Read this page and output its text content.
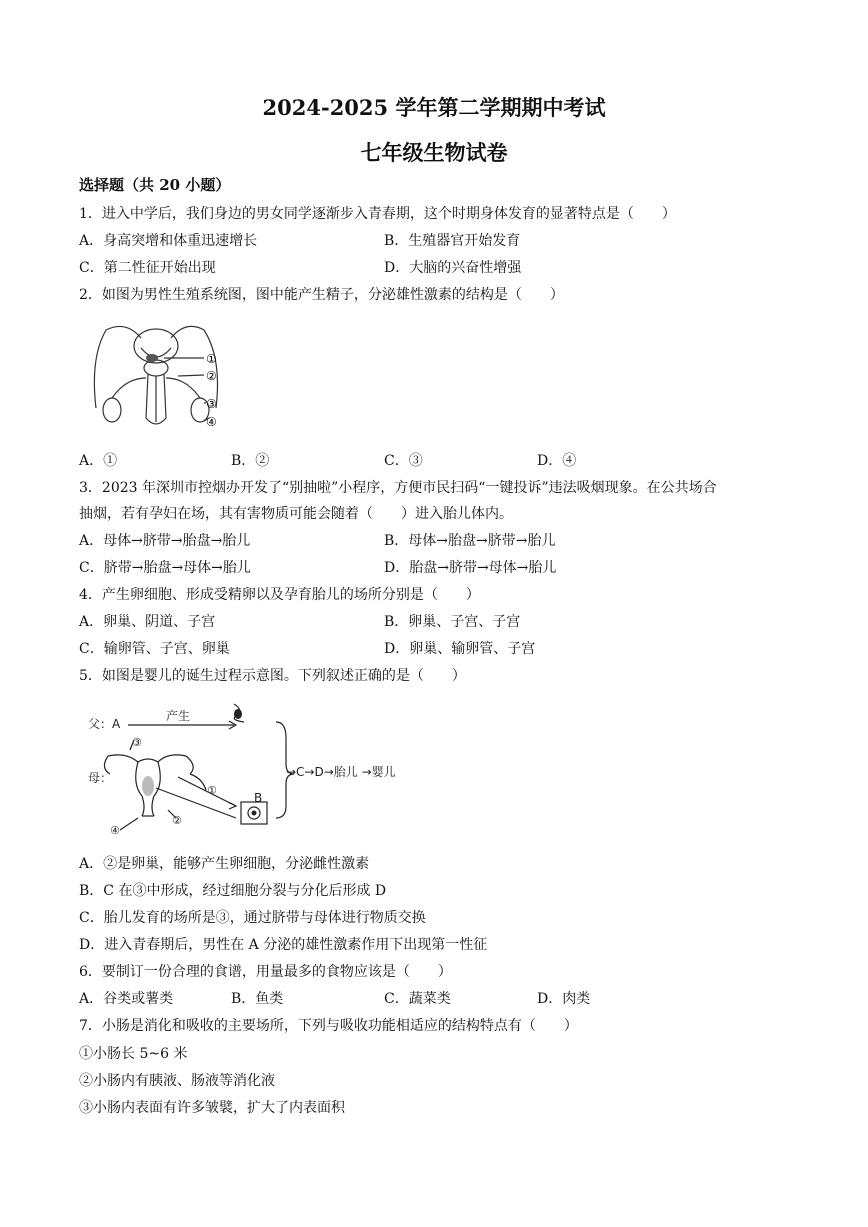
2024-2025 学年第二学期期中考试
七年级生物试卷
选择题（共 20 小题）
1．进入中学后，我们身边的男女同学逐渐步入青春期，这个时期身体发育的显著特点是（　　）
A．身高突增和体重迅速增长	B．生殖器官开始发育
C．第二性征开始出现	D．大脑的兴奋性增强
2．如图为男性生殖系统图，图中能产生精子，分泌雄性激素的结构是（　　）
①
②
③
④
A．①	B．②	C．③	D．④
3．2023 年深圳市控烟办开发了“别抽啦”小程序，方便市民扫码“一键投诉”违法吸烟现象。在公共场合
抽烟，若有孕妇在场，其有害物质可能会随着（　　）进入胎儿体内。
A．母体→脐带→胎盘→胎儿	B．母体→胎盘→脐带→胎儿
C．脐带→胎盘→母体→胎儿	D．胎盘→脐带→母体→胎儿
4．产生卵细胞、形成受精卵以及孕育胎儿的场所分别是（　　）
A．卵巢、阴道、子宫	B．卵巢、子宫、子宫
C．输卵管、子宫、卵巢	D．卵巢、输卵管、子宫
5．如图是婴儿的诞生过程示意图。下列叙述正确的是（　　）
父：A
产生
母：
B
→C→D→胎儿 →婴儿
③
①
②
④
A．②是卵巢，能够产生卵细胞，分泌雌性激素
B．C 在③中形成，经过细胞分裂与分化后形成 D
C．胎儿发育的场所是③，通过脐带与母体进行物质交换
D．进入青春期后，男性在 A 分泌的雄性激素作用下出现第一性征
6．要制订一份合理的食谱，用量最多的食物应该是（　　）
A．谷类或薯类	B．鱼类	C．蔬菜类	D．肉类
7．小肠是消化和吸收的主要场所，下列与吸收功能相适应的结构特点有（　　）
①小肠长 5~6 米
②小肠内有胰液、肠液等消化液
③小肠内表面有许多皱襞，扩大了内表面积
